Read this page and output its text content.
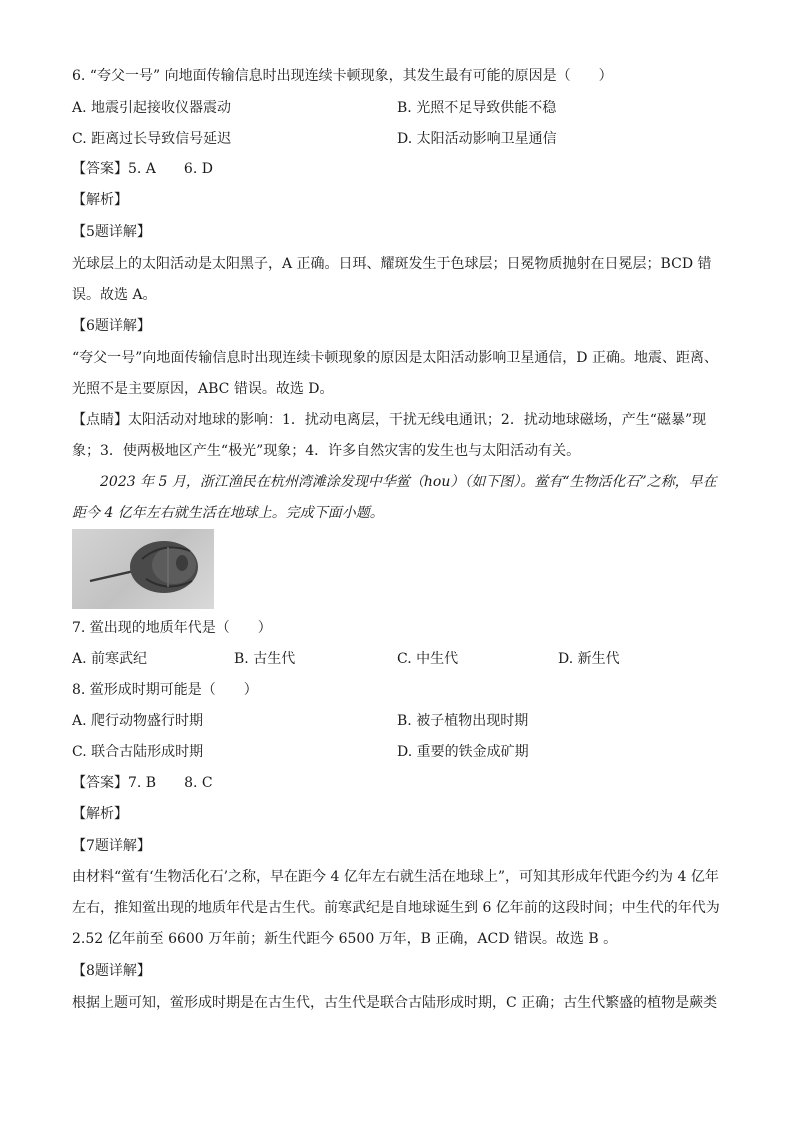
6. “夸父一号” 向地面传输信息时出现连续卡顿现象，其发生最有可能的原因是（　　）
A. 地震引起接收仪器震动	B. 光照不足导致供能不稳
C. 距离过长导致信号延迟	D. 太阳活动影响卫星通信
【答案】5. A　　6. D
【解析】
【5题详解】
光球层上的太阳活动是太阳黑子，A 正确。日珥、耀斑发生于色球层；日冕物质抛射在日冕层；BCD 错
误。故选 A。
【6题详解】
“夸父一号”向地面传输信息时出现连续卡顿现象的原因是太阳活动影响卫星通信，D 正确。地震、距离、
光照不是主要原因，ABC 错误。故选 D。
【点睛】太阳活动对地球的影响：1．扰动电离层，干扰无线电通讯；2．扰动地球磁场，产生“磁暴”现
象；3．使两极地区产生“极光”现象；4．许多自然灾害的发生也与太阳活动有关。
2023 年 5 月，浙江渔民在杭州湾滩涂发现中华鲎（hou）（如下图）。鲎有“生物活化石”之称，早在
距今 4 亿年左右就生活在地球上。完成下面小题。
7. 鲎出现的地质年代是（　　）
A. 前寒武纪	B. 古生代	C. 中生代	D. 新生代
8. 鲎形成时期可能是（　　）
A. 爬行动物盛行时期	B. 被子植物出现时期
C. 联合古陆形成时期	D. 重要的铁金成矿期
【答案】7. B　　8. C
【解析】
【7题详解】
由材料“鲎有‘生物活化石’之称，早在距今 4 亿年左右就生活在地球上”，可知其形成年代距今约为 4 亿年
左右，推知鲎出现的地质年代是古生代。前寒武纪是自地球诞生到 6 亿年前的这段时间；中生代的年代为
2.52 亿年前至 6600 万年前；新生代距今 6500 万年，B 正确，ACD 错误。故选 B 。
【8题详解】
根据上题可知，鲎形成时期是在古生代，古生代是联合古陆形成时期，C 正确；古生代繁盛的植物是蕨类
